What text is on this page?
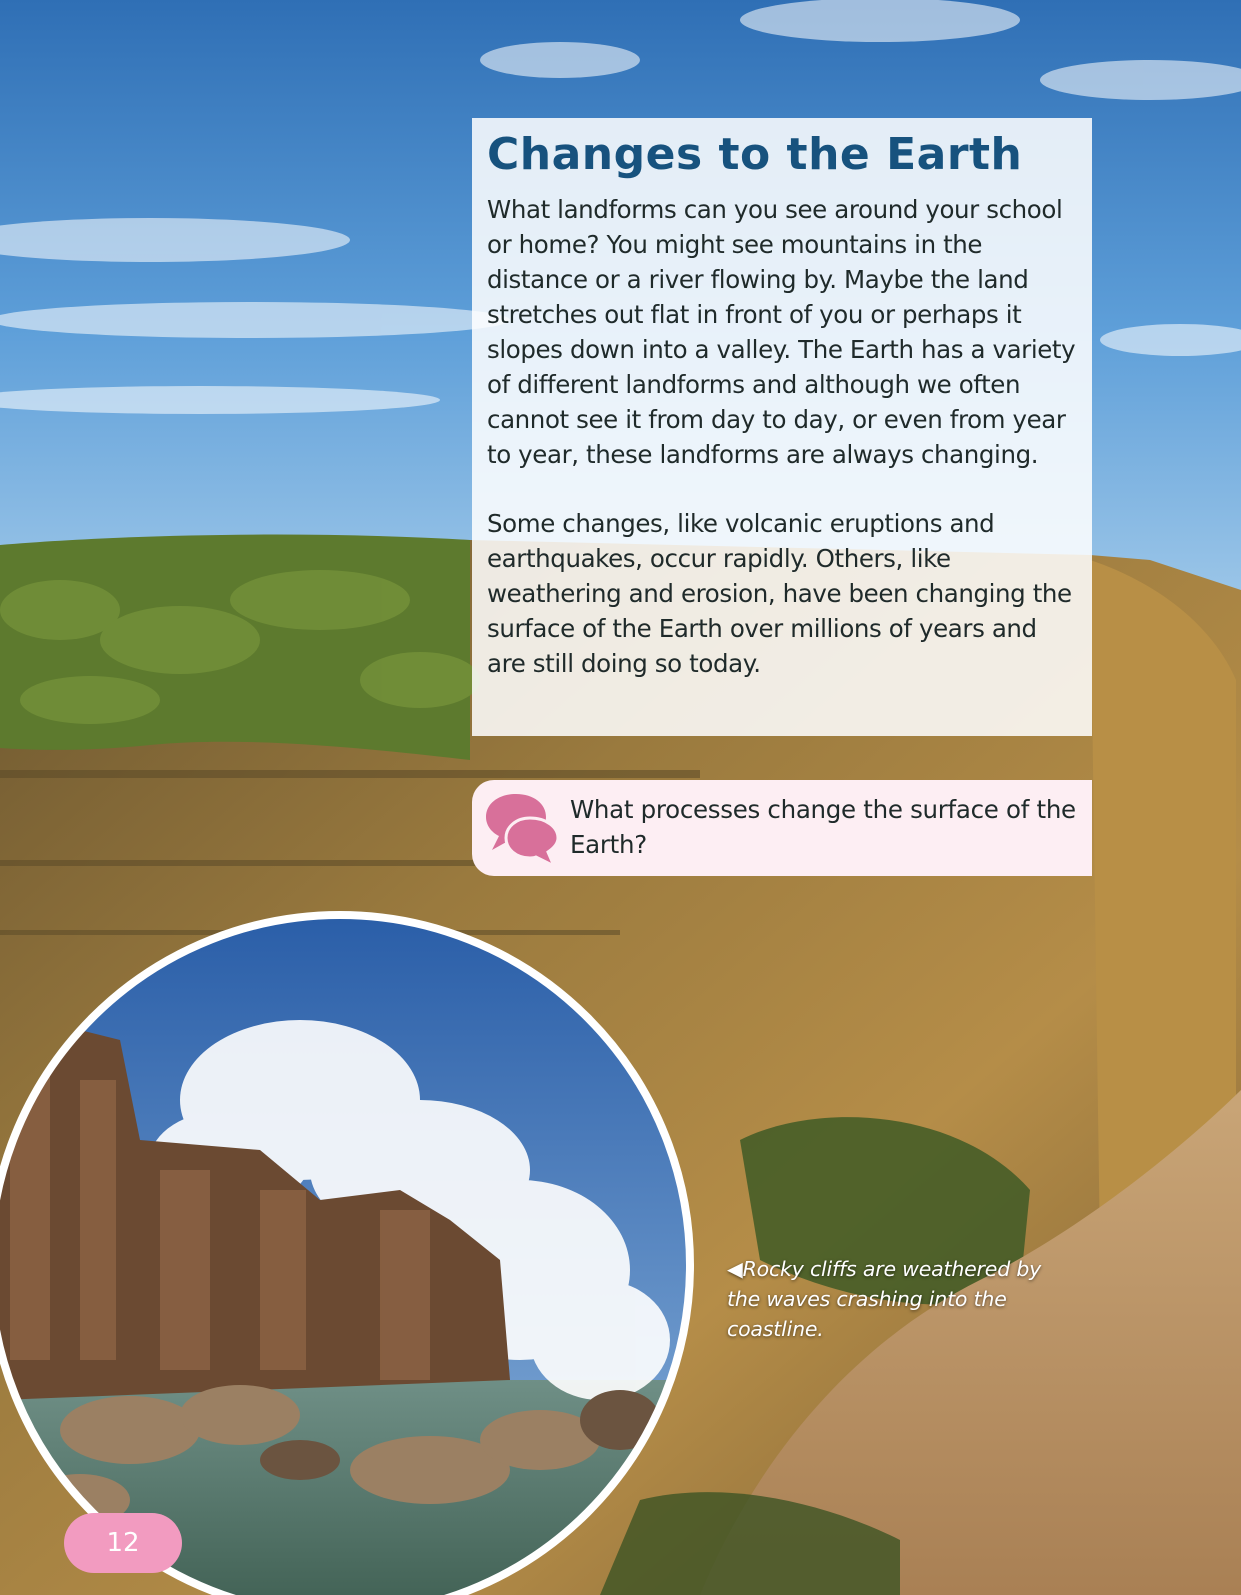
Changes to the Earth

What landforms can you see around your school or home? You might see mountains in the distance or a river flowing by. Maybe the land stretches out flat in front of you or perhaps it slopes down into a valley. The Earth has a variety of different landforms and although we often cannot see it from day to day, or even from year to year, these landforms are always changing.

Some changes, like volcanic eruptions and earthquakes, occur rapidly. Others, like weathering and erosion, have been changing the surface of the Earth over millions of years and are still doing so today.

What processes change the surface of the Earth?
◀Rocky cliffs are weathered by the waves crashing into the coastline.
12
